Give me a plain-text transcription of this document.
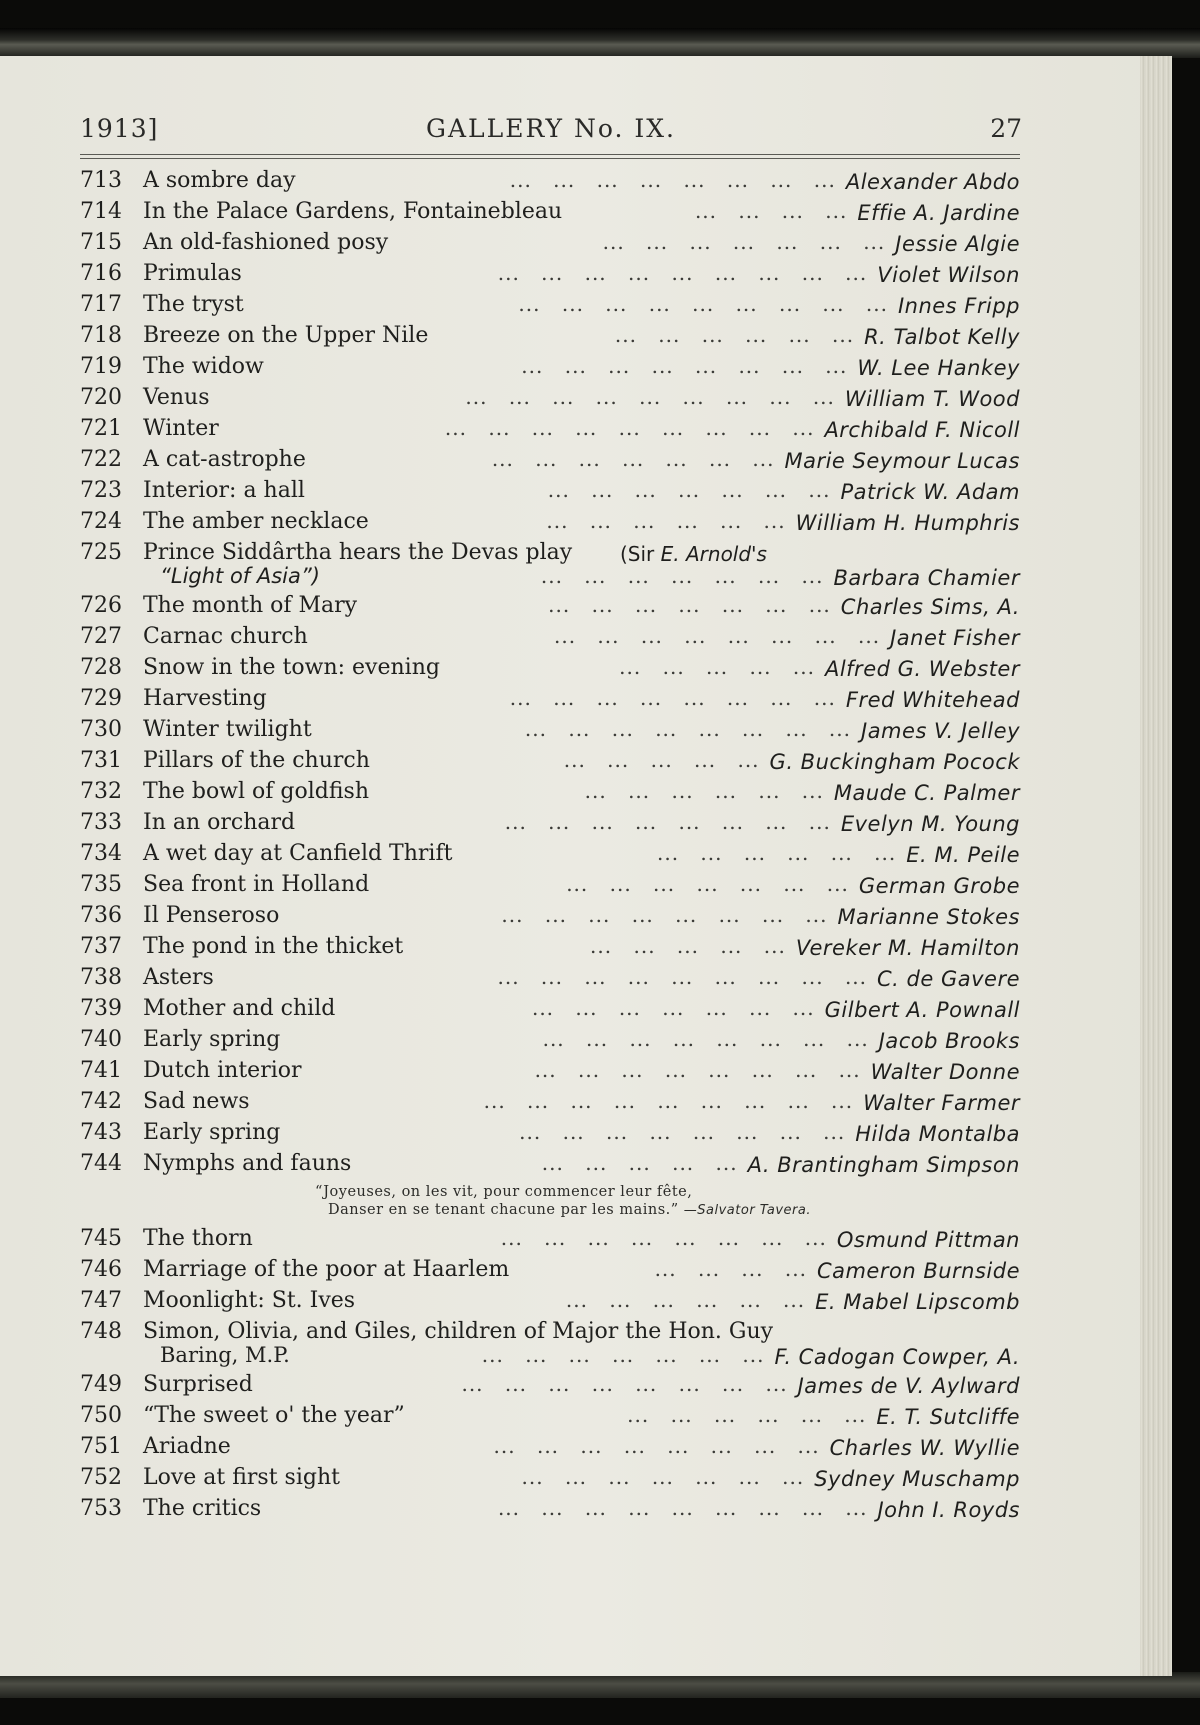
1913]	GALLERY No. IX.	27
713 A sombre day	... ... ... ... ... ... ... ... Alexander Abdo
714 In the Palace Gardens, Fontainebleau	... ... ... ... Effie A. Jardine
715 An old-fashioned posy	... ... ... ... ... ... ... Jessie Algie
716 Primulas	... ... ... ... ... ... ... ... ... Violet Wilson
717 The tryst	... ... ... ... ... ... ... ... ... Innes Fripp
718 Breeze on the Upper Nile	... ... ... ... ... ... R. Talbot Kelly
719 The widow	... ... ... ... ... ... ... ... W. Lee Hankey
720 Venus	... ... ... ... ... ... ... ... ... William T. Wood
721 Winter	... ... ... ... ... ... ... ... ... Archibald F. Nicoll
722 A cat-astrophe	... ... ... ... ... ... ... Marie Seymour Lucas
723 Interior: a hall	... ... ... ... ... ... ... Patrick W. Adam
724 The amber necklace	... ... ... ... ... ... William H. Humphris
725 Prince Siddârtha hears the Devas play (Sir E. Arnold's
“Light of Asia”)	... ... ... ... ... ... ... Barbara Chamier
726 The month of Mary	... ... ... ... ... ... ... Charles Sims, A.
727 Carnac church	... ... ... ... ... ... ... ... Janet Fisher
728 Snow in the town: evening	... ... ... ... ... Alfred G. Webster
729 Harvesting	... ... ... ... ... ... ... ... Fred Whitehead
730 Winter twilight	... ... ... ... ... ... ... ... James V. Jelley
731 Pillars of the church	... ... ... ... ... G. Buckingham Pocock
732 The bowl of goldfish	... ... ... ... ... ... Maude C. Palmer
733 In an orchard	... ... ... ... ... ... ... ... Evelyn M. Young
734 A wet day at Canfield Thrift	... ... ... ... ... ... E. M. Peile
735 Sea front in Holland	... ... ... ... ... ... ... German Grobe
736 Il Penseroso	... ... ... ... ... ... ... ... Marianne Stokes
737 The pond in the thicket	... ... ... ... ... Vereker M. Hamilton
738 Asters	... ... ... ... ... ... ... ... ... C. de Gavere
739 Mother and child	... ... ... ... ... ... ... Gilbert A. Pownall
740 Early spring	... ... ... ... ... ... ... ... Jacob Brooks
741 Dutch interior	... ... ... ... ... ... ... ... Walter Donne
742 Sad news	... ... ... ... ... ... ... ... ... Walter Farmer
743 Early spring	... ... ... ... ... ... ... ... Hilda Montalba
744 Nymphs and fauns	... ... ... ... ... A. Brantingham Simpson
“Joyeuses, on les vit, pour commencer leur fête,
Danser en se tenant chacune par les mains.” —Salvator Tavera.
745 The thorn	... ... ... ... ... ... ... ... Osmund Pittman
746 Marriage of the poor at Haarlem	... ... ... ... Cameron Burnside
747 Moonlight: St. Ives	... ... ... ... ... ... E. Mabel Lipscomb
748 Simon, Olivia, and Giles, children of Major the Hon. Guy
Baring, M.P.	... ... ... ... ... ... ... F. Cadogan Cowper, A.
749 Surprised	... ... ... ... ... ... ... ... James de V. Aylward
750 “The sweet o' the year”	... ... ... ... ... ... E. T. Sutcliffe
751 Ariadne	... ... ... ... ... ... ... ... Charles W. Wyllie
752 Love at first sight	... ... ... ... ... ... ... Sydney Muschamp
753 The critics	... ... ... ... ... ... ... ... ... John I. Royds
